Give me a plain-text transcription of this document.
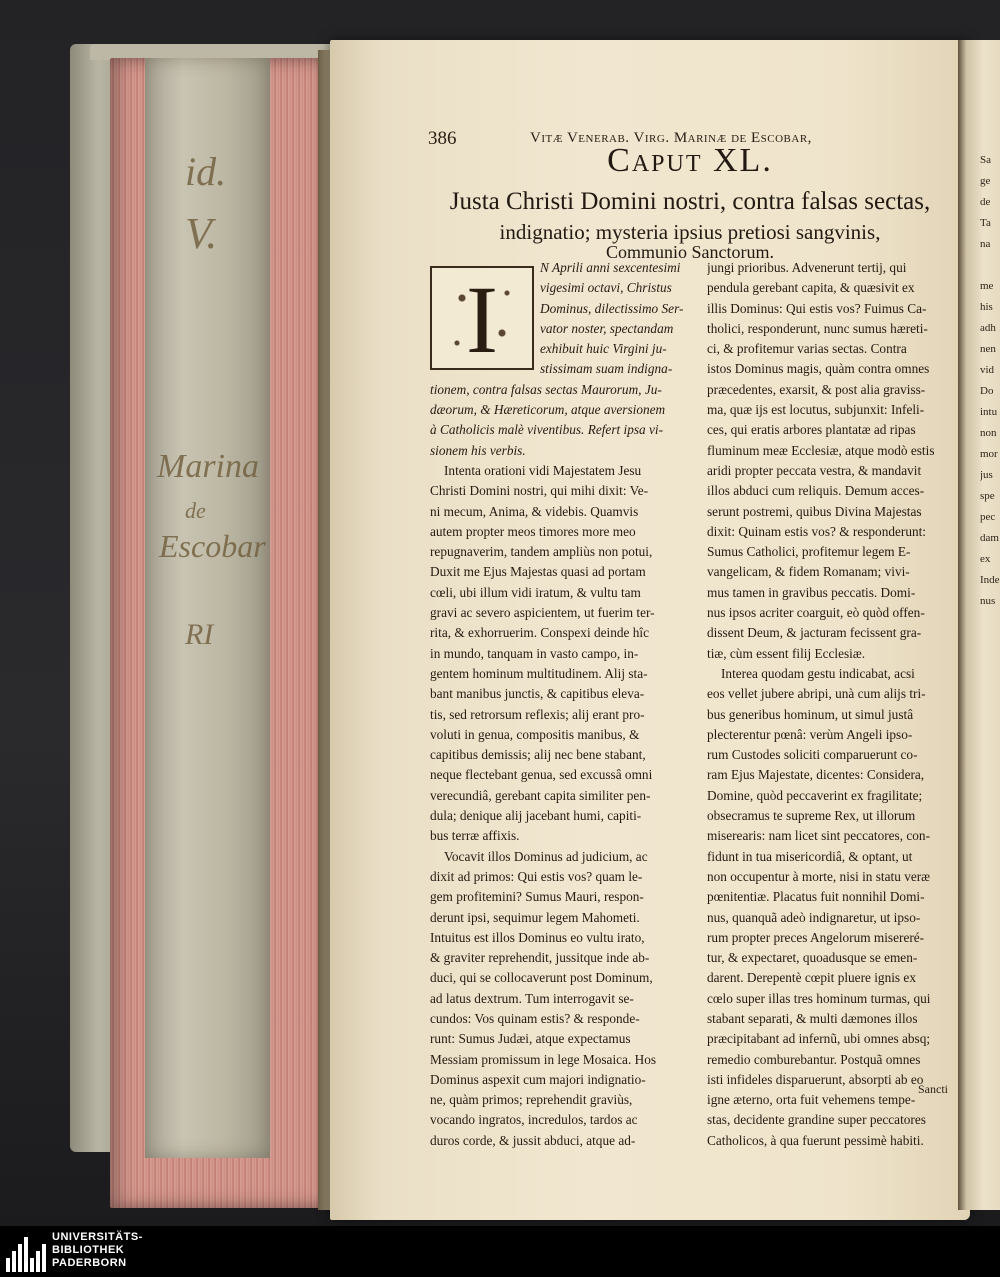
id.
V.
Marina
de
Escobar
RI
Sa
ge
de
Ta
na
me
his
adh
nen
vid
Do
intu
non
mor
jus
spe
pec
dam
ex
Inde
nus
386	Vitæ Venerab. Virg. Marinæ de Escobar,
Caput XL.
Justa Christi Domini nostri, contra falsas sectas,
indignatio; mysteria ipsius pretiosi sangvinis,
Communio Sanctorum.
I	N Aprili anni sexcentesimi
vigesimi octavi, Christus
Dominus, dilectissimo Ser-
vator noster, spectandam
exhibuit huic Virgini ju-
stissimam suam indigna-
tionem, contra falsas sectas Maurorum, Ju-
dæorum, & Hæreticorum, atque aversionem
à Catholicis malè viventibus. Refert ipsa vi-
sionem his verbis.
Intenta orationi vidi Majestatem Jesu
Christi Domini nostri, qui mihi dixit: Ve-
ni mecum, Anima, & videbis. Quamvis
autem propter meos timores more meo
repugnaverim, tandem ampliùs non potui,
Duxit me Ejus Majestas quasi ad portam
cœli, ubi illum vidi iratum, & vultu tam
gravi ac severo aspicientem, ut fuerim ter-
rita, & exhorruerim. Conspexi deinde hîc
in mundo, tanquam in vasto campo, in-
gentem hominum multitudinem. Alij sta-
bant manibus junctis, & capitibus eleva-
tis, sed retrorsum reflexis; alij erant pro-
voluti in genua, compositis manibus, &
capitibus demissis; alij nec bene stabant,
neque flectebant genua, sed excussâ omni
verecundiâ, gerebant capita similiter pen-
dula; denique alij jacebant humi, capiti-
bus terræ affixis.
Vocavit illos Dominus ad judicium, ac
dixit ad primos: Qui estis vos? quam le-
gem profitemini? Sumus Mauri, respon-
derunt ipsi, sequimur legem Mahometi.
Intuitus est illos Dominus eo vultu irato,
& graviter reprehendit, jussitque inde ab-
duci, qui se collocaverunt post Dominum,
ad latus dextrum. Tum interrogavit se-
cundos: Vos quinam estis? & responde-
runt: Sumus Judæi, atque expectamus
Messiam promissum in lege Mosaica. Hos
Dominus aspexit cum majori indignatio-
ne, quàm primos; reprehendit graviùs,
vocando ingratos, incredulos, tardos ac
duros corde, & jussit abduci, atque ad-
jungi prioribus. Advenerunt tertij, qui
pendula gerebant capita, & quæsivit ex
illis Dominus: Qui estis vos? Fuimus Ca-
tholici, responderunt, nunc sumus hæreti-
ci, & profitemur varias sectas. Contra
istos Dominus magis, quàm contra omnes
præcedentes, exarsit, & post alia graviss-
ma, quæ ijs est locutus, subjunxit: Infeli-
ces, qui eratis arbores plantatæ ad ripas
fluminum meæ Ecclesiæ, atque modò estis
aridi propter peccata vestra, & mandavit
illos abduci cum reliquis. Demum acces-
serunt postremi, quibus Divina Majestas
dixit: Quinam estis vos? & responderunt:
Sumus Catholici, profitemur legem E-
vangelicam, & fidem Romanam; vivi-
mus tamen in gravibus peccatis. Domi-
nus ipsos acriter coarguit, eò quòd offen-
dissent Deum, & jacturam fecissent gra-
tiæ, cùm essent filij Ecclesiæ.
Interea quodam gestu indicabat, acsi
eos vellet jubere abripi, unà cum alijs tri-
bus generibus hominum, ut simul justâ
plecterentur pœnâ: verùm Angeli ipso-
rum Custodes soliciti comparuerunt co-
ram Ejus Majestate, dicentes: Considera,
Domine, quòd peccaverint ex fragilitate;
obsecramus te supreme Rex, ut illorum
miserearis: nam licet sint peccatores, con-
fidunt in tua misericordiâ, & optant, ut
non occupentur à morte, nisi in statu veræ
pœnitentiæ. Placatus fuit nonnihil Domi-
nus, quanquã adeò indignaretur, ut ipso-
rum propter preces Angelorum misereré-
tur, & expectaret, quoadusque se emen-
darent. Derepentè cœpit pluere ignis ex
cœlo super illas tres hominum turmas, qui
stabant separati, & multi dæmones illos
præcipitabant ad infernũ, ubi omnes absq;
remedio comburebantur. Postquã omnes
isti infideles disparuerunt, absorpti ab eo
igne æterno, orta fuit vehemens tempe-
stas, decidente grandine super peccatores
Catholicos, à qua fuerunt pessimè habiti.
Sancti
UNIVERSITÄTS-
BIBLIOTHEK
PADERBORN
